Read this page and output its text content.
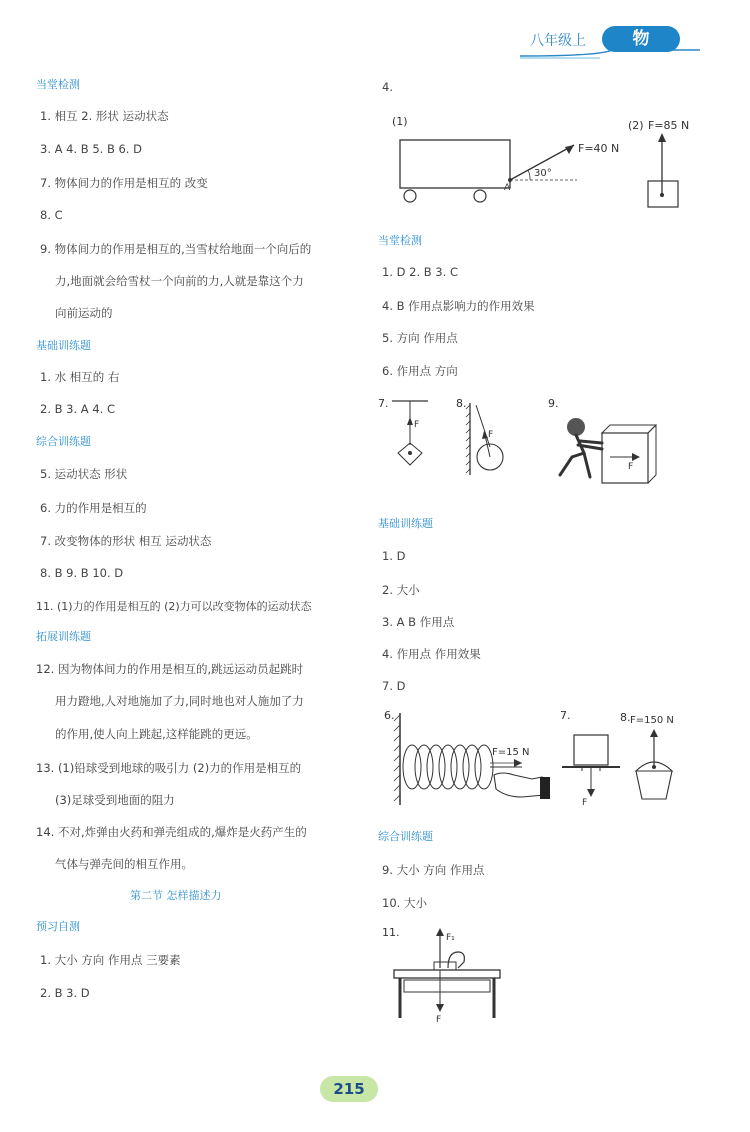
八年级上	物 理
当堂检测
1. 相互 2. 形状 运动状态
3. A 4. B 5. B 6. D
7. 物体间力的作用是相互的 改变
8. C
9. 物体间力的作用是相互的,当雪杖给地面一个向后的
力,地面就会给雪杖一个向前的力,人就是靠这个力
向前运动的
基础训练题
1. 水 相互的 右
2. B 3. A 4. C
综合训练题
5. 运动状态 形状
6. 力的作用是相互的
7. 改变物体的形状 相互 运动状态
8. B 9. B 10. D
11. (1)力的作用是相互的 (2)力可以改变物体的运动状态
拓展训练题
12. 因为物体间力的作用是相互的,跳远运动员起跳时
用力蹬地,人对地施加了力,同时地也对人施加了力
的作用,使人向上跳起,这样能跳的更远。
13. (1)铅球受到地球的吸引力 (2)力的作用是相互的
(3)足球受到地面的阻力
14. 不对,炸弹由火药和弹壳组成的,爆炸是火药产生的
气体与弹壳间的相互作用。
第二节 怎样描述力
预习自测
1. 大小 方向 作用点 三要素
2. B 3. D
4.
(1)
A
30°
F=40 N
(2) F=85 N
当堂检测
1. D 2. B 3. C
4. B 作用点影响力的作用效果
5. 方向 作用点
6. 作用点 方向
7.
F
8.
F
9.
F
基础训练题
1. D
2. 大小
3. A B 作用点
4. 作用点 作用效果
7. D
6.
F=15 N
7.
F
8. F=150 N
综合训练题
9. 大小 方向 作用点
10. 大小
11.	F₁
F
215
